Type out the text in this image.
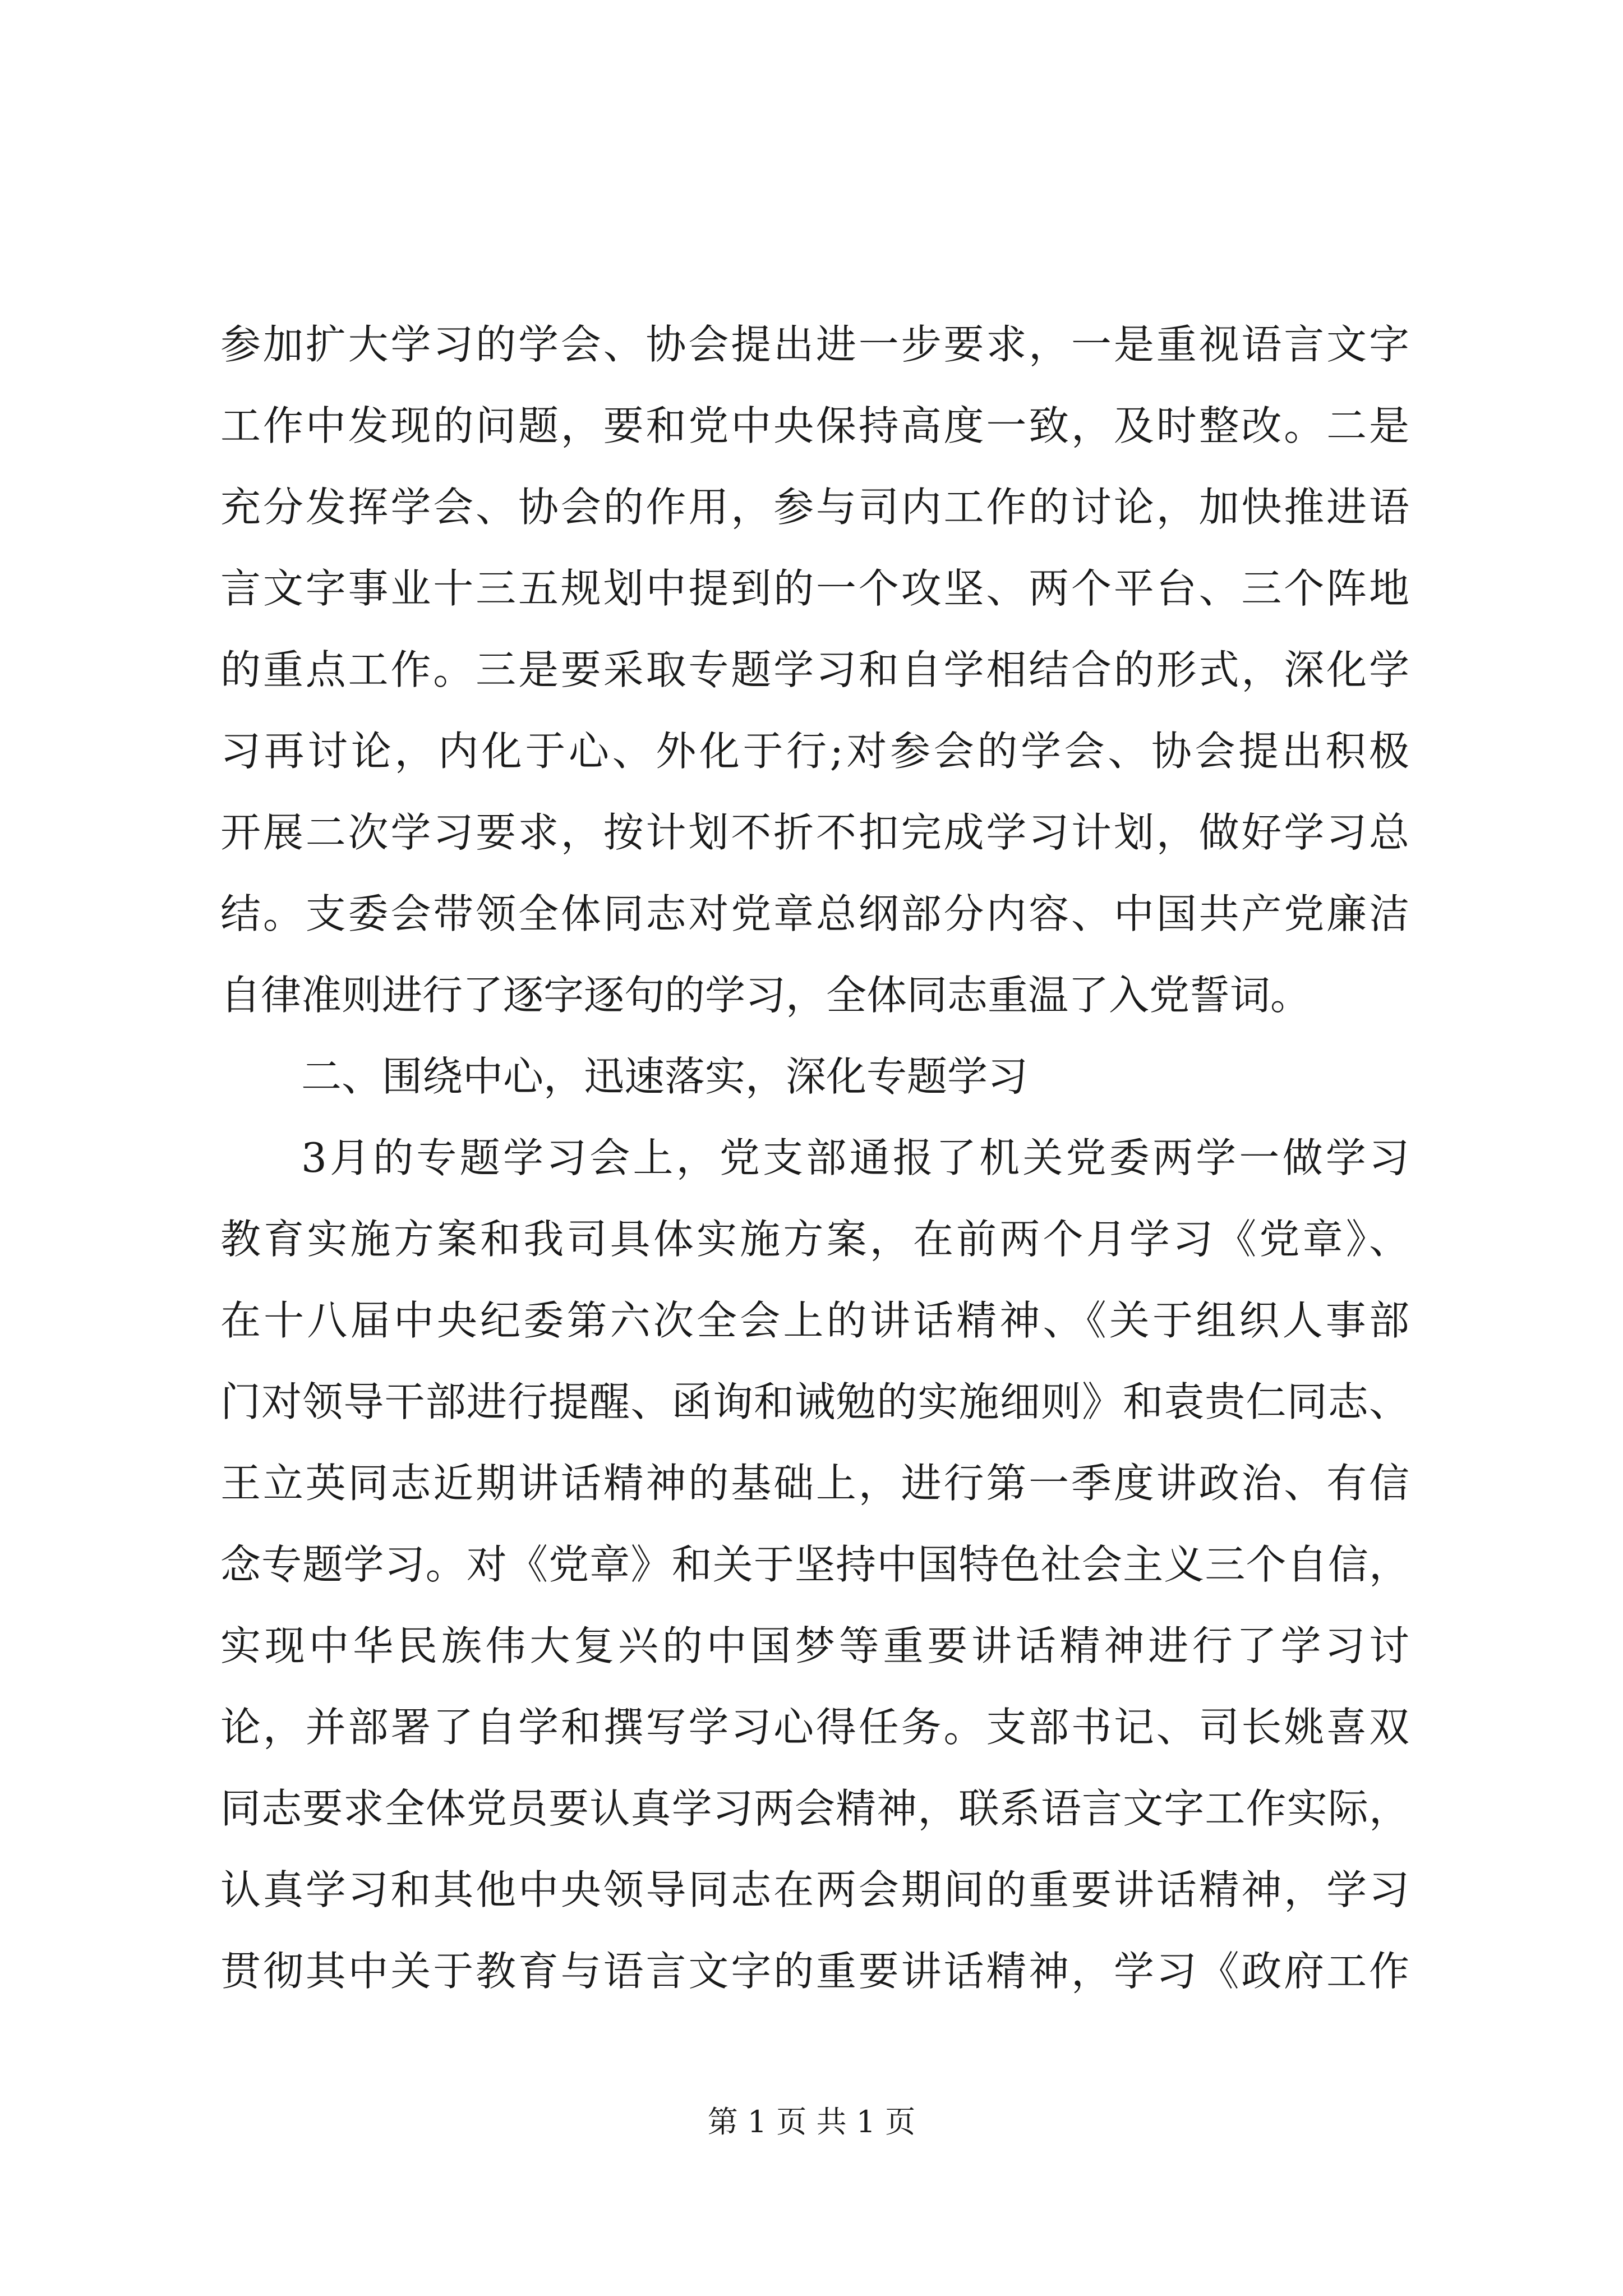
参加扩大学习的学会、协会提出进一步要求，一是重视语言文字
工作中发现的问题，要和党中央保持高度一致，及时整改。二是
充分发挥学会、协会的作用，参与司内工作的讨论，加快推进语
言文字事业十三五规划中提到的一个攻坚、两个平台、三个阵地
的重点工作。三是要采取专题学习和自学相结合的形式，深化学
习再讨论，内化于心、外化于行;对参会的学会、协会提出积极
开展二次学习要求，按计划不折不扣完成学习计划，做好学习总
结。支委会带领全体同志对党章总纲部分内容、中国共产党廉洁
自律准则进行了逐字逐句的学习，全体同志重温了入党誓词。
二、围绕中心，迅速落实，深化专题学习
3月的专题学习会上，党支部通报了机关党委两学一做学习
教育实施方案和我司具体实施方案，在前两个月学习《党章》、
在十八届中央纪委第六次全会上的讲话精神、《关于组织人事部
门对领导干部进行提醒、函询和诫勉的实施细则》和袁贵仁同志、
王立英同志近期讲话精神的基础上，进行第一季度讲政治、有信
念专题学习。对《党章》和关于坚持中国特色社会主义三个自信，
实现中华民族伟大复兴的中国梦等重要讲话精神进行了学习讨
论，并部署了自学和撰写学习心得任务。支部书记、司长姚喜双
同志要求全体党员要认真学习两会精神，联系语言文字工作实际，
认真学习和其他中央领导同志在两会期间的重要讲话精神，学习
贯彻其中关于教育与语言文字的重要讲话精神，学习《政府工作
第 1 页 共 1 页
